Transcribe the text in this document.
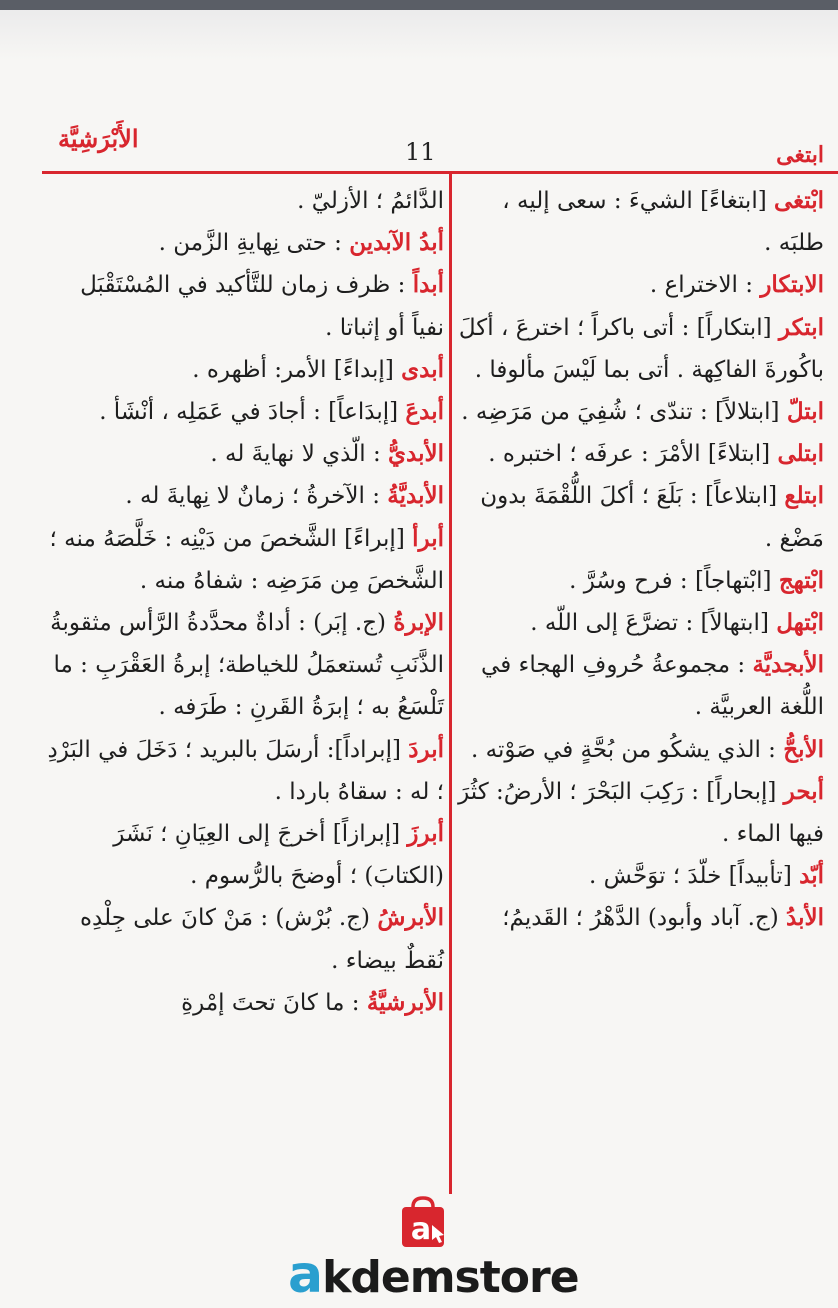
ابتغى
11
الأَبْرَشِيَّة

ابْتغى [ابتغاءً] الشيءَ : سعى إليه ، طلبَه .

الابتكار : الاختراع .

ابتكر [ابتكاراً] : أتى باكراً ؛ اخترعَ ، أكلَ باكُورةَ الفاكِهة . أتى بما لَيْسَ مألوفا .

ابتلّ [ابتلالاً] : تندّى ؛ شُفِيَ من مَرَضِه .

ابتلى [ابتلاءً] الأمْرَ : عرفَه ؛ اختبره .

ابتلع [ابتلاعاً] : بَلَعَ ؛ أكلَ اللُّقْمَةَ بدون مَضْغ .

ابْتهج [ابْتهاجاً] : فرح وسُرَّ .

ابْتهل [ابتهالاً] : تضرَّعَ إلى اللّه .

الأبجديَّة : مجموعةُ حُروفِ الهجاء في اللُّغة العربيَّة .

الأبحُّ : الذي يشكُو من بُحَّةٍ في صَوْته .

أبحر [إبحاراً] : رَكِبَ البَحْرَ ؛ الأرضُ: كثُرَ فيها الماء .

أبّد [تأبيداً] خلّدَ ؛ توَحَّش .

الأبدُ (ج. آباد وأبود) الدَّهْرُ ؛ القَديمُ؛

الدَّائمُ ؛ الأزليّ .

أبدُ الآبدين : حتى نِهايةِ الزَّمن .

أبداً : ظرف زمان للتَّأكيد في المُسْتَقْبَل نفياً أو إثباتا .

أبدى [إبداءً] الأمر: أظهره .

أبدعَ [إبدَاعاً] : أجادَ في عَمَلِه ، أنْشَأ .

الأبديُّ : الّذي لا نهايةَ له .

الأبديَّةُ : الآخرةُ ؛ زمانٌ لا نِهايةَ له .

أبرأ [إبراءً] الشَّخصَ من دَيْنِه : خَلَّصَهُ منه ؛ الشَّخصَ مِن مَرَضِه : شفاهُ منه .

الإبرةُ (ج. إبَر) : أداةٌ محدَّدةُ الرَّأس مثقوبةُ الذَّنَبِ تُستعمَلُ للخياطة؛ إبرةُ العَقْرَبِ : ما تَلْسَعُ به ؛ إبرَةُ القَرنِ : طَرَفه .

أبردَ [إبراداً]: أرسَلَ بالبريد ؛ دَخَلَ في البَرْدِ ؛ له : سقاهُ باردا .

أبرزَ [إبرازاً] أخرجَ إلى العِيَانِ ؛ نَشَرَ (الكتابَ) ؛ أوضحَ بالرُّسوم .

الأبرشُ (ج. بُرْش) : مَنْ كانَ على جِلْدِه نُقطٌ بيضاء .

الأبرشيَّةُ : ما كانَ تحتَ إمْرةِ

a
akdemstore
